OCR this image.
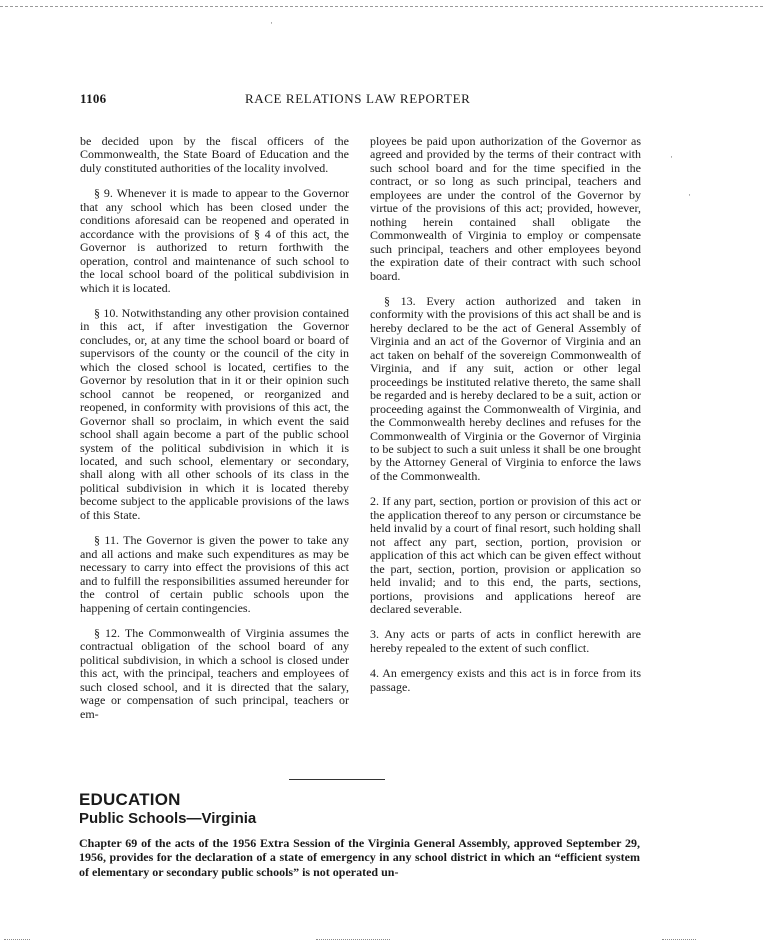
1106	RACE RELATIONS LAW REPORTER

be decided upon by the fiscal officers of the Commonwealth, the State Board of Education and the duly constituted authorities of the locality involved.

§ 9. Whenever it is made to appear to the Governor that any school which has been closed under the conditions aforesaid can be reopened and operated in accordance with the provisions of § 4 of this act, the Governor is authorized to return forthwith the operation, control and maintenance of such school to the local school board of the political subdivision in which it is located.

§ 10. Notwithstanding any other provision contained in this act, if after investigation the Governor concludes, or, at any time the school board or board of supervisors of the county or the council of the city in which the closed school is located, certifies to the Governor by resolution that in it or their opinion such school cannot be reopened, or reorganized and reopened, in conformity with provisions of this act, the Governor shall so proclaim, in which event the said school shall again become a part of the public school system of the political subdivision in which it is located, and such school, elementary or secondary, shall along with all other schools of its class in the political subdivision in which it is located thereby become subject to the applicable provisions of the laws of this State.

§ 11. The Governor is given the power to take any and all actions and make such expenditures as may be necessary to carry into effect the provisions of this act and to fulfill the responsibilities assumed hereunder for the control of certain public schools upon the happening of certain contingencies.

§ 12. The Commonwealth of Virginia assumes the contractual obligation of the school board of any political subdivision, in which a school is closed under this act, with the principal, teachers and employees of such closed school, and it is directed that the salary, wage or compensation of such principal, teachers or em-

ployees be paid upon authorization of the Governor as agreed and provided by the terms of their contract with such school board and for the time specified in the contract, or so long as such principal, teachers and employees are under the control of the Governor by virtue of the provisions of this act; provided, however, nothing herein contained shall obligate the Commonwealth of Virginia to employ or compensate such principal, teachers and other employees beyond the expiration date of their contract with such school board.

§ 13. Every action authorized and taken in conformity with the provisions of this act shall be and is hereby declared to be the act of General Assembly of Virginia and an act of the Governor of Virginia and an act taken on behalf of the sovereign Commonwealth of Virginia, and if any suit, action or other legal proceedings be instituted relative thereto, the same shall be regarded and is hereby declared to be a suit, action or proceeding against the Commonwealth of Virginia, and the Commonwealth hereby declines and refuses for the Commonwealth of Virginia or the Governor of Virginia to be subject to such a suit unless it shall be one brought by the Attorney General of Virginia to enforce the laws of the Commonwealth.

2. If any part, section, portion or provision of this act or the application thereof to any person or circumstance be held invalid by a court of final resort, such holding shall not affect any part, section, portion, provision or application of this act which can be given effect without the part, section, portion, provision or application so held invalid; and to this end, the parts, sections, portions, provisions and applications hereof are declared severable.

3. Any acts or parts of acts in conflict herewith are hereby repealed to the extent of such conflict.

4. An emergency exists and this act is in force from its passage.

EDUCATION
Public Schools—Virginia
Chapter 69 of the acts of the 1956 Extra Session of the Virginia General Assembly, approved September 29, 1956, provides for the declaration of a state of emergency in any school district in which an “efficient system of elementary or secondary public schools” is not operated un-
·
·
·
